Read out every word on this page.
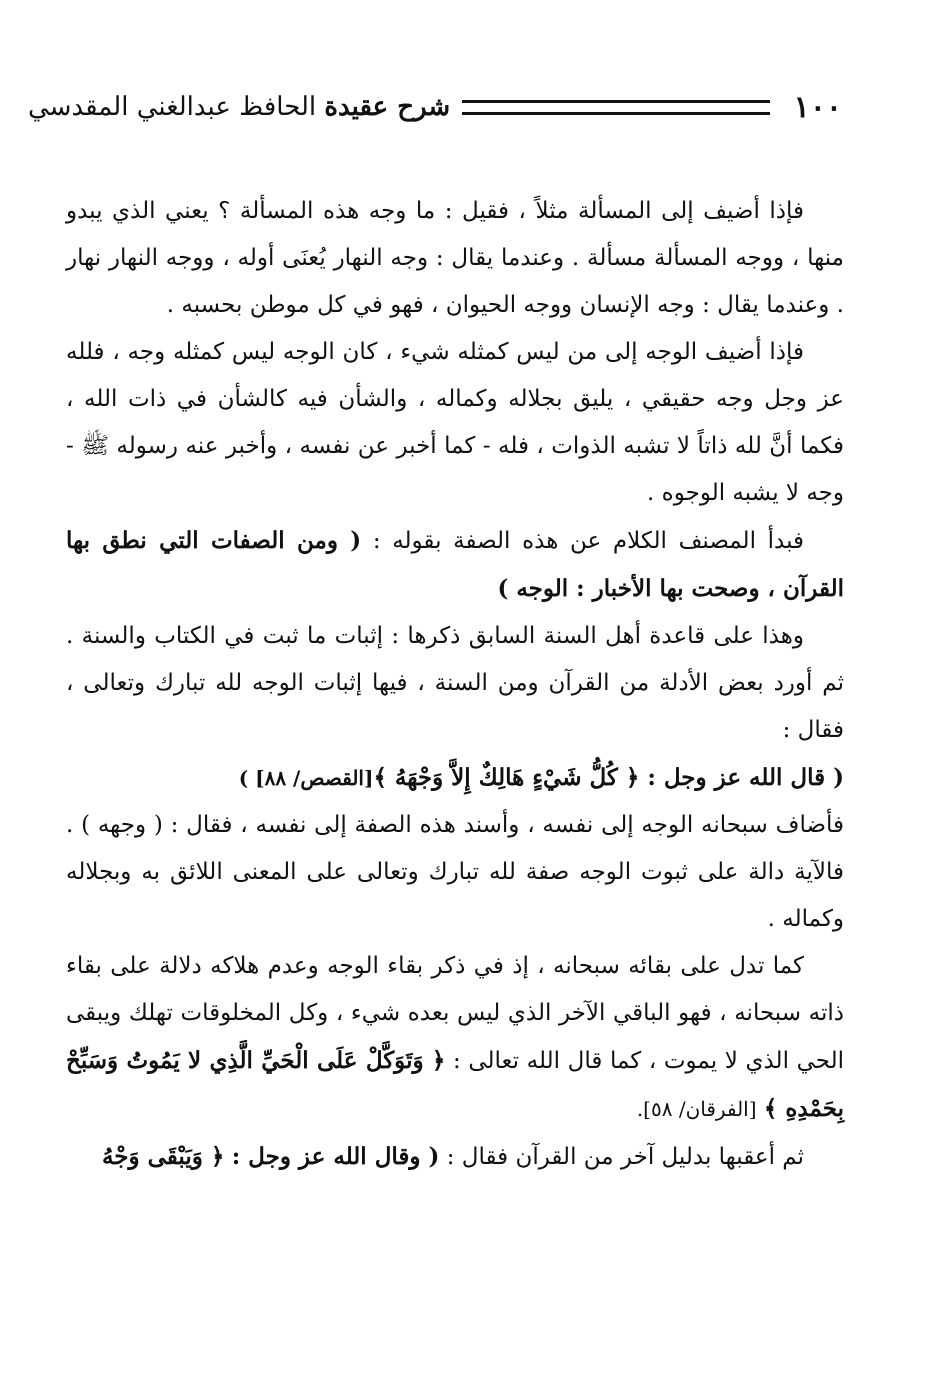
١٠٠
شرح عقيدة الحافظ عبدالغني المقدسي

فإذا أضيف إلى المسألة مثلاً ، فقيل : ما وجه هذه المسألة ؟ يعني الذي يبدو منها ، ووجه المسألة مسألة . وعندما يقال : وجه النهار يُعنَى أوله ، ووجه النهار نهار . وعندما يقال : وجه الإنسان ووجه الحيوان ، فهو في كل موطن بحسبه .

فإذا أضيف الوجه إلى من ليس كمثله شيء ، كان الوجه ليس كمثله وجه ، فلله عز وجل وجه حقيقي ، يليق بجلاله وكماله ، والشأن فيه كالشأن في ذات الله ، فكما أنَّ لله ذاتاً لا تشبه الذوات ، فله - كما أخبر عن نفسه ، وأخبر عنه رسوله ﷺ - وجه لا يشبه الوجوه .

فبدأ المصنف الكلام عن هذه الصفة بقوله : ( ومن الصفات التي نطق بها القرآن ، وصحت بها الأخبار : الوجه )

وهذا على قاعدة أهل السنة السابق ذكرها : إثبات ما ثبت في الكتاب والسنة . ثم أورد بعض الأدلة من القرآن ومن السنة ، فيها إثبات الوجه لله تبارك وتعالى ، فقال :

( قال الله عز وجل : ﴿ كُلُّ شَيْءٍ هَالِكٌ إِلاَّ وَجْهَهُ ﴾[القصص/ ٨٨] )

فأضاف سبحانه الوجه إلى نفسه ، وأسند هذه الصفة إلى نفسه ، فقال : ( وجهه ) . فالآية دالة على ثبوت الوجه صفة لله تبارك وتعالى على المعنى اللائق به وبجلاله وكماله .

كما تدل على بقائه سبحانه ، إذ في ذكر بقاء الوجه وعدم هلاكه دلالة على بقاء ذاته سبحانه ، فهو الباقي الآخر الذي ليس بعده شيء ، وكل المخلوقات تهلك ويبقى الحي الذي لا يموت ، كما قال الله تعالى : ﴿ وَتَوَكَّلْ عَلَى الْحَيِّ الَّذِي لا يَمُوتُ وَسَبِّحْ بِحَمْدِهِ ﴾ [الفرقان/ ٥٨].

ثم أعقبها بدليل آخر من القرآن فقال : ( وقال الله عز وجل : ﴿ وَيَبْقَى وَجْهُ
